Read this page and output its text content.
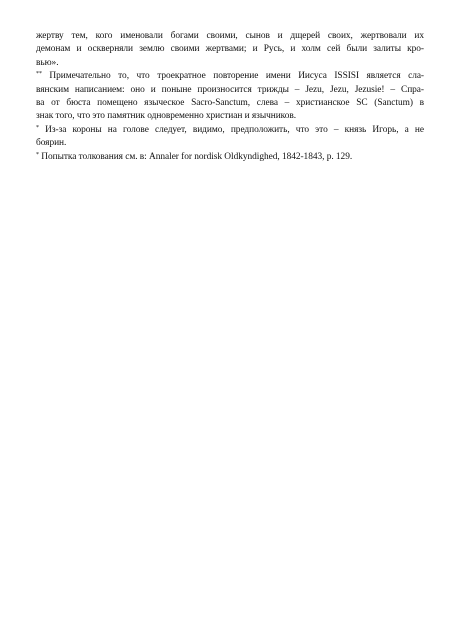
жертву тем, кого именовали богами своими, сынов и дщерей своих, жертвовали их
демонам и оскверняли землю своими жертвами; и Русь, и холм сей были залиты кро-
вью».
** Примечательно то, что троекратное повторение имени Иисуса ISSISI является сла-
вянским написанием: оно и поныне произносится трижды – Jezu, Jezu, Jezusie! – Спра-
ва от бюста помещено языческое Sacro-Sanctum, слева – христианское SC (Sanctum) в
знак того, что это памятник одновременно христиан и язычников.
* Из-за короны на голове следует, видимо, предположить, что это – князь Игорь, а не
боярин.
* Попытка толкования см. в: Annaler for nordisk Oldkyndighed, 1842-1843, p. 129.
